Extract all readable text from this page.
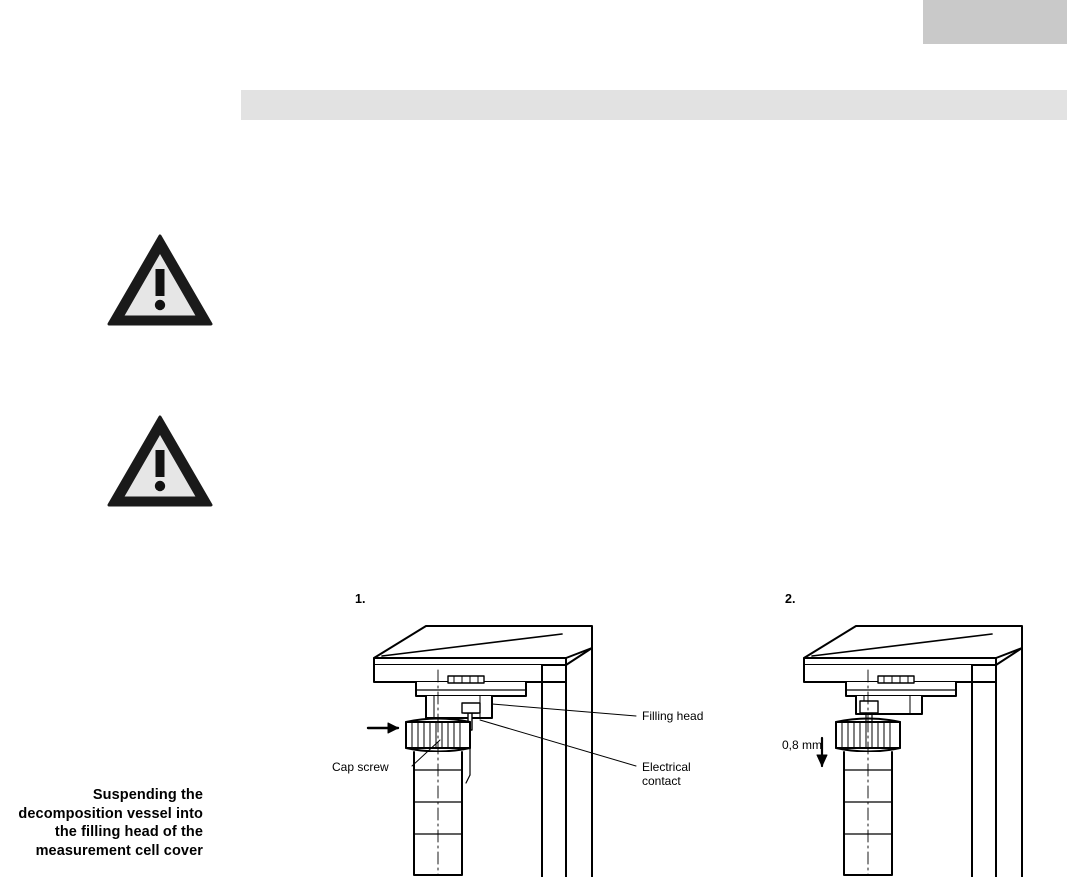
Suspending the
decomposition vessel into
the filling head of the
measurement cell cover
1.	2.
Filling head
Electrical
contact
Cap screw
0,8 mm
